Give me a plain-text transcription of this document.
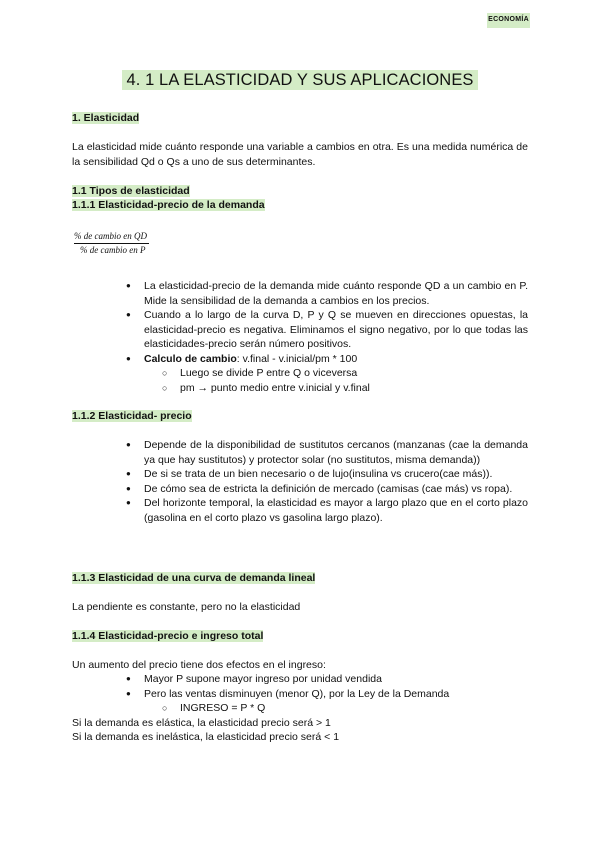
ECONOMÍA
4. 1 LA ELASTICIDAD Y SUS APLICACIONES
1. Elasticidad
La elasticidad mide cuánto responde una variable a cambios en otra. Es una medida numérica de la sensibilidad Qd o Qs a uno de sus determinantes.
1.1 Tipos de elasticidad
1.1.1 Elasticidad-precio de la demanda
% de cambio en QD
% de cambio en P
● La elasticidad-precio de la demanda mide cuánto responde QD a un cambio en P. Mide la sensibilidad de la demanda a cambios en los precios.
● Cuando a lo largo de la curva D, P y Q se mueven en direcciones opuestas, la elasticidad-precio es negativa. Eliminamos el signo negativo, por lo que todas las elasticidades-precio serán número positivos.
● Calculo de cambio: v.final - v.inicial/pm * 100
○ Luego se divide P entre Q o viceversa
○ pm → punto medio entre v.inicial y v.final
1.1.2 Elasticidad- precio
● Depende de la disponibilidad de sustitutos cercanos (manzanas (cae la demanda ya que hay sustitutos) y protector solar (no sustitutos, misma demanda))
● De si se trata de un bien necesario o de lujo(insulina vs crucero(cae más)).
● De cómo sea de estricta la definición de mercado (camisas (cae más) vs ropa).
● Del horizonte temporal, la elasticidad es mayor a largo plazo que en el corto plazo (gasolina en el corto plazo vs gasolina largo plazo).
1.1.3 Elasticidad de una curva de demanda lineal
La pendiente es constante, pero no la elasticidad
1.1.4 Elasticidad-precio e ingreso total
Un aumento del precio tiene dos efectos en el ingreso:
● Mayor P supone mayor ingreso por unidad vendida
● Pero las ventas disminuyen (menor Q), por la Ley de la Demanda
○ INGRESO = P * Q
Si la demanda es elástica, la elasticidad precio será > 1
Si la demanda es inelástica, la elasticidad precio será < 1
